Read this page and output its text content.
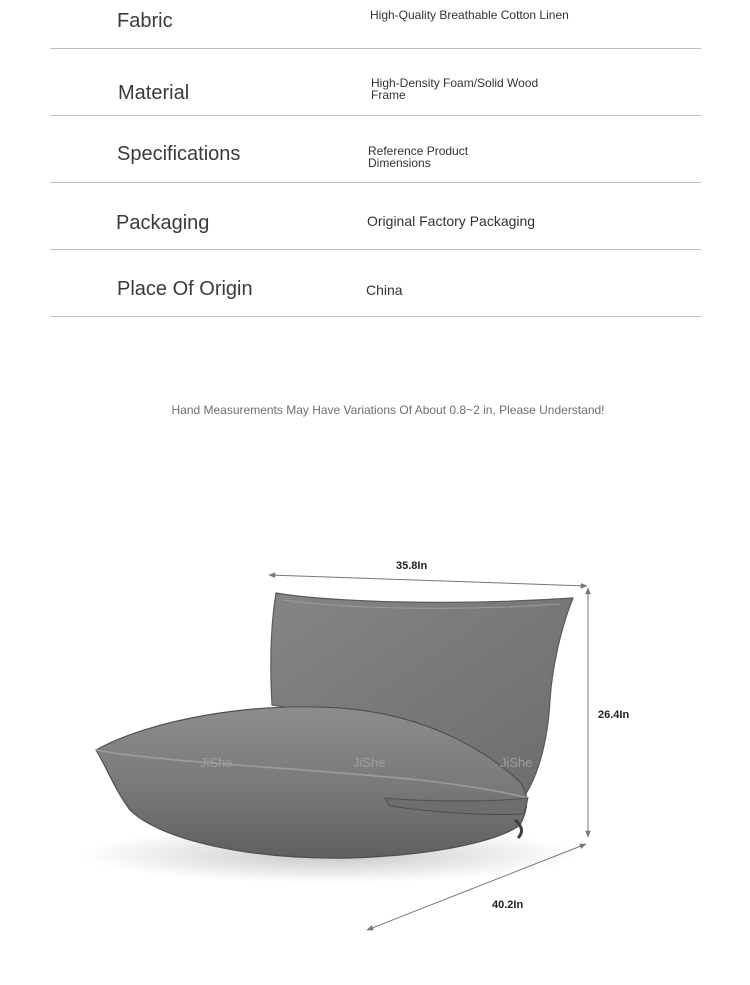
Fabric	High-Quality Breathable Cotton Linen
Material	High-Density Foam/Solid Wood Frame
Specifications	Reference Product Dimensions
Packaging	Original Factory Packaging
Place Of Origin	China
Hand Measurements May Have Variations Of About 0.8~2 in, Please Understand!
JiShe	JiShe	JiShe
35.8In
26.4In
40.2In
